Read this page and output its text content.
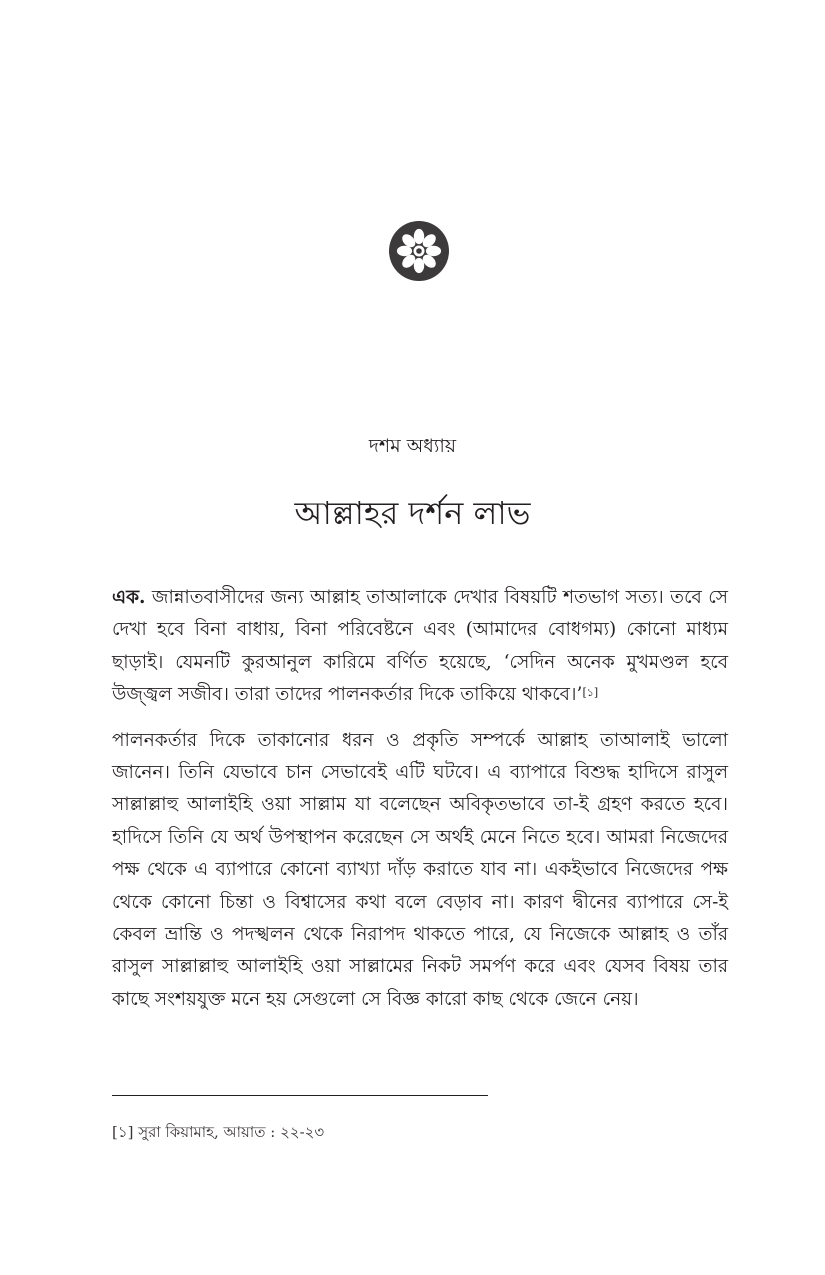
দশম অধ্যায়
আল্লাহর দর্শন লাভ

এক. জান্নাতবাসীদের জন্য আল্লাহ তাআলাকে দেখার বিষয়টি শতভাগ সত্য। তবে সে দেখা হবে বিনা বাধায়, বিনা পরিবেষ্টনে এবং (আমাদের বোধগম্য) কোনো মাধ্যম ছাড়াই। যেমনটি কুরআনুল কারিমে বর্ণিত হয়েছে, ‘সেদিন অনেক মুখমণ্ডল হবে উজ্জ্বল সজীব। তারা তাদের পালনকর্তার দিকে তাকিয়ে থাকবে।’[১]

পালনকর্তার দিকে তাকানোর ধরন ও প্রকৃতি সম্পর্কে আল্লাহ তাআলাই ভালো জানেন। তিনি যেভাবে চান সেভাবেই এটি ঘটবে। এ ব্যাপারে বিশুদ্ধ হাদিসে রাসুল সাল্লাল্লাহু আলাইহি ওয়া সাল্লাম যা বলেছেন অবিকৃতভাবে তা-ই গ্রহণ করতে হবে। হাদিসে তিনি যে অর্থ উপস্থাপন করেছেন সে অর্থই মেনে নিতে হবে। আমরা নিজেদের পক্ষ থেকে এ ব্যাপারে কোনো ব্যাখ্যা দাঁড় করাতে যাব না। একইভাবে নিজেদের পক্ষ থেকে কোনো চিন্তা ও বিশ্বাসের কথা বলে বেড়াব না। কারণ দ্বীনের ব্যাপারে সে-ই কেবল ভ্রান্তি ও পদস্খলন থেকে নিরাপদ থাকতে পারে, যে নিজেকে আল্লাহ ও তাঁর রাসুল সাল্লাল্লাহু আলাইহি ওয়া সাল্লামের নিকট সমর্পণ করে এবং যেসব বিষয় তার কাছে সংশয়যুক্ত মনে হয় সেগুলো সে বিজ্ঞ কারো কাছ থেকে জেনে নেয়।

[১] সুরা কিয়ামাহ, আয়াত : ২২-২৩
